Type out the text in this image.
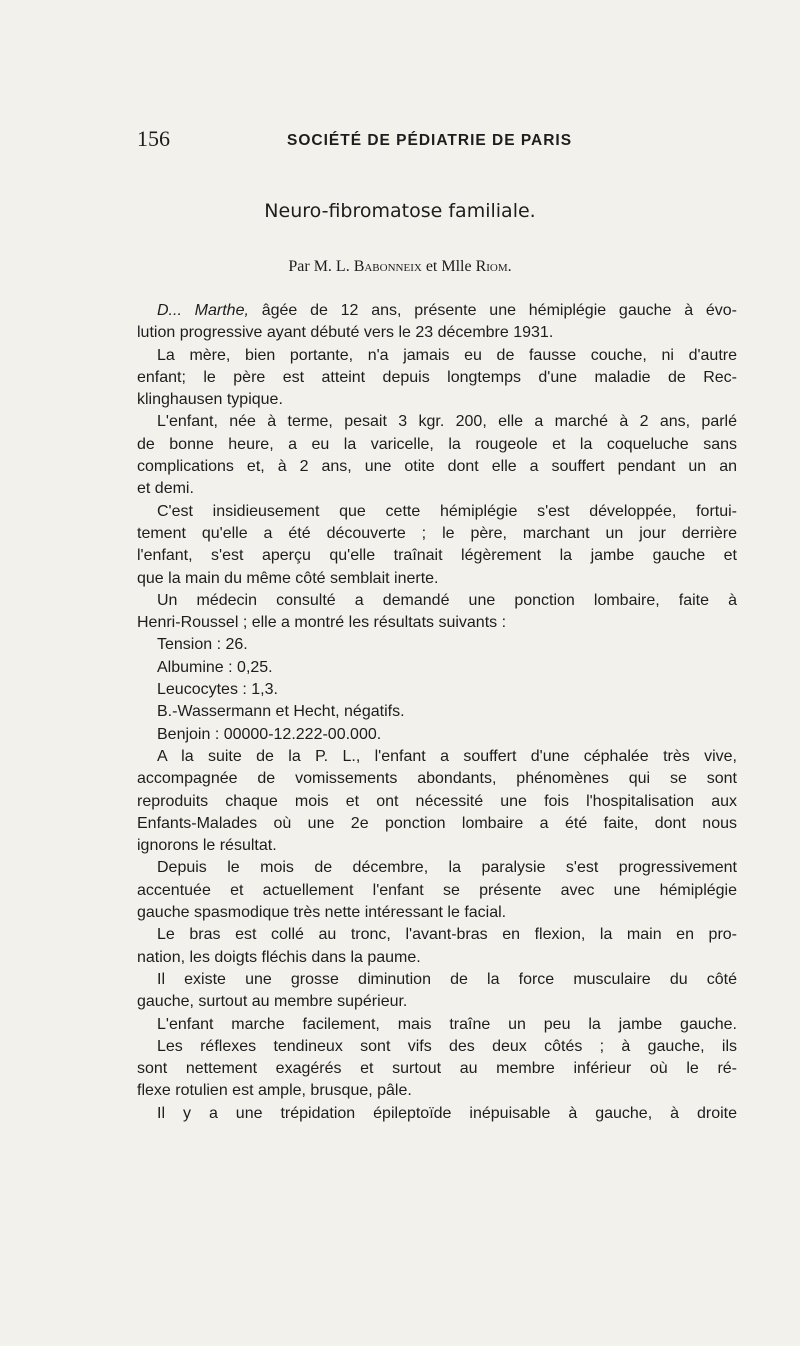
156	SOCIÉTÉ DE PÉDIATRIE DE PARIS
Neuro-fibromatose familiale.
Par M. L. Babonneix et Mlle Riom.
D... Marthe, âgée de 12 ans, présente une hémiplégie gauche à évo-
lution progressive ayant débuté vers le 23 décembre 1931.
La mère, bien portante, n'a jamais eu de fausse couche, ni d'autre
enfant; le père est atteint depuis longtemps d'une maladie de Rec-
klinghausen typique.
L'enfant, née à terme, pesait 3 kgr. 200, elle a marché à 2 ans, parlé
de bonne heure, a eu la varicelle, la rougeole et la coqueluche sans
complications et, à 2 ans, une otite dont elle a souffert pendant un an
et demi.
C'est insidieusement que cette hémiplégie s'est développée, fortui-
tement qu'elle a été découverte ; le père, marchant un jour derrière
l'enfant, s'est aperçu qu'elle traînait légèrement la jambe gauche et
que la main du même côté semblait inerte.
Un médecin consulté a demandé une ponction lombaire, faite à
Henri-Roussel ; elle a montré les résultats suivants :
Tension : 26.
Albumine : 0,25.
Leucocytes : 1,3.
B.-Wassermann et Hecht, négatifs.
Benjoin : 00000-12.222-00.000.
A la suite de la P. L., l'enfant a souffert d'une céphalée très vive,
accompagnée de vomissements abondants, phénomènes qui se sont
reproduits chaque mois et ont nécessité une fois l'hospitalisation aux
Enfants-Malades où une 2e ponction lombaire a été faite, dont nous
ignorons le résultat.
Depuis le mois de décembre, la paralysie s'est progressivement
accentuée et actuellement l'enfant se présente avec une hémiplégie
gauche spasmodique très nette intéressant le facial.
Le bras est collé au tronc, l'avant-bras en flexion, la main en pro-
nation, les doigts fléchis dans la paume.
Il existe une grosse diminution de la force musculaire du côté
gauche, surtout au membre supérieur.
L'enfant marche facilement, mais traîne un peu la jambe gauche.
Les réflexes tendineux sont vifs des deux côtés ; à gauche, ils
sont nettement exagérés et surtout au membre inférieur où le ré-
flexe rotulien est ample, brusque, pâle.
Il y a une trépidation épileptoïde inépuisable à gauche, à droite
